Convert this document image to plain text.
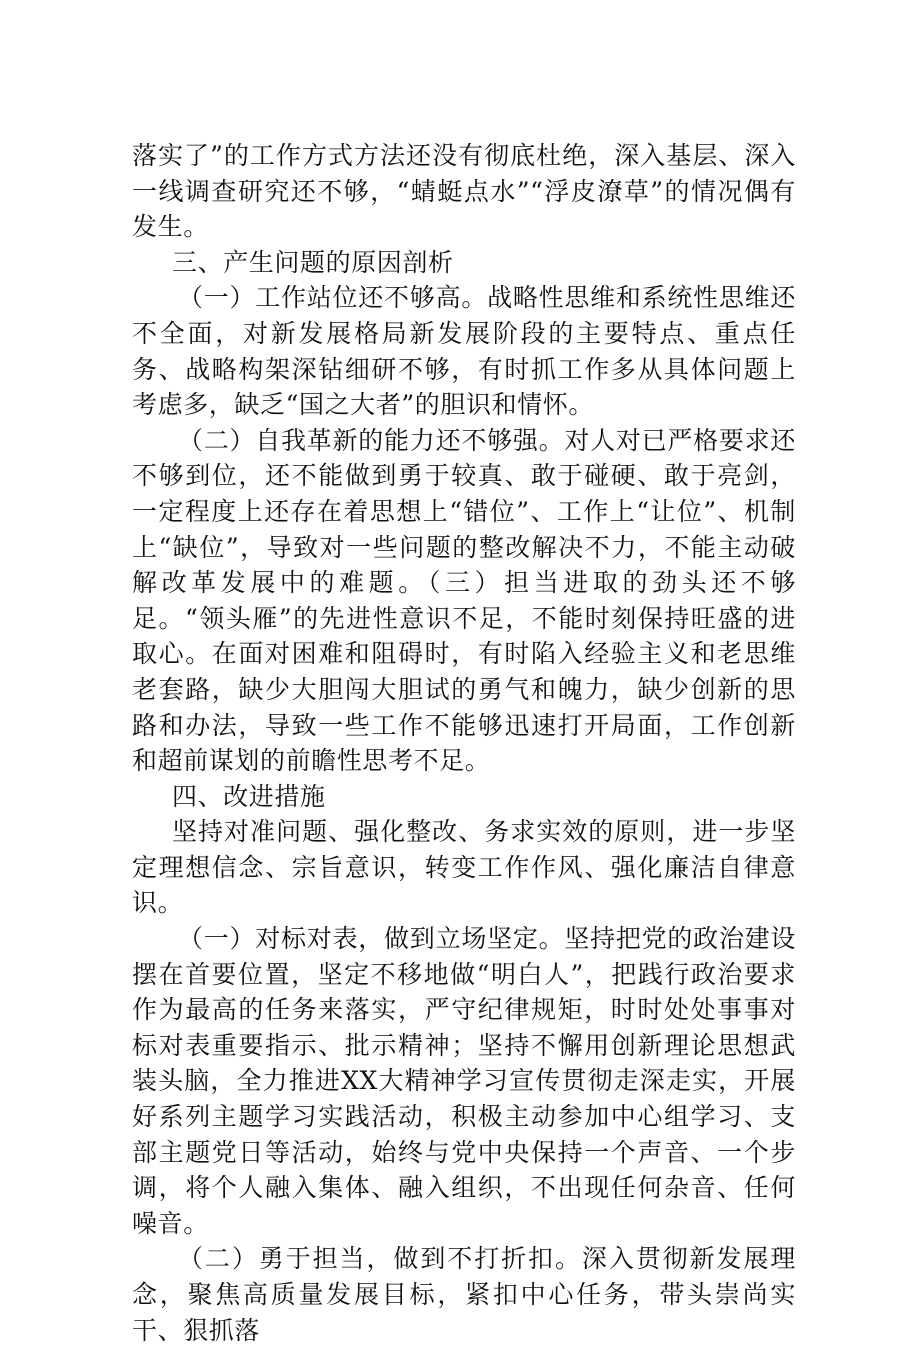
落实了”的工作方式方法还没有彻底杜绝，深入基层、深入一线调查研究还不够，“蜻蜓点水”“浮皮潦草”的情况偶有发生。

三、产生问题的原因剖析

（一）工作站位还不够高。战略性思维和系统性思维还不全面，对新发展格局新发展阶段的主要特点、重点任务、战略构架深钻细研不够，有时抓工作多从具体问题上考虑多，缺乏“国之大者”的胆识和情怀。

（二）自我革新的能力还不够强。对人对已严格要求还不够到位，还不能做到勇于较真、敢于碰硬、敢于亮剑，一定程度上还存在着思想上“错位”、工作上“让位”、机制上“缺位”，导致对一些问题的整改解决不力，不能主动破解改革发展中的难题。（三）担当进取的劲头还不够足。“领头雁”的先进性意识不足，不能时刻保持旺盛的进取心。在面对困难和阻碍时，有时陷入经验主义和老思维老套路，缺少大胆闯大胆试的勇气和魄力，缺少创新的思路和办法，导致一些工作不能够迅速打开局面，工作创新和超前谋划的前瞻性思考不足。

四、改进措施

坚持对准问题、强化整改、务求实效的原则，进一步坚定理想信念、宗旨意识，转变工作作风、强化廉洁自律意识。

（一）对标对表，做到立场坚定。坚持把党的政治建设摆在首要位置，坚定不移地做“明白人”，把践行政治要求作为最高的任务来落实，严守纪律规矩，时时处处事事对标对表重要指示、批示精神；坚持不懈用创新理论思想武装头脑，全力推进XX大精神学习宣传贯彻走深走实，开展好系列主题学习实践活动，积极主动参加中心组学习、支部主题党日等活动，始终与党中央保持一个声音、一个步调，将个人融入集体、融入组织，不出现任何杂音、任何噪音。

（二）勇于担当，做到不打折扣。深入贯彻新发展理念，聚焦高质量发展目标，紧扣中心任务，带头崇尚实干、狠抓落
